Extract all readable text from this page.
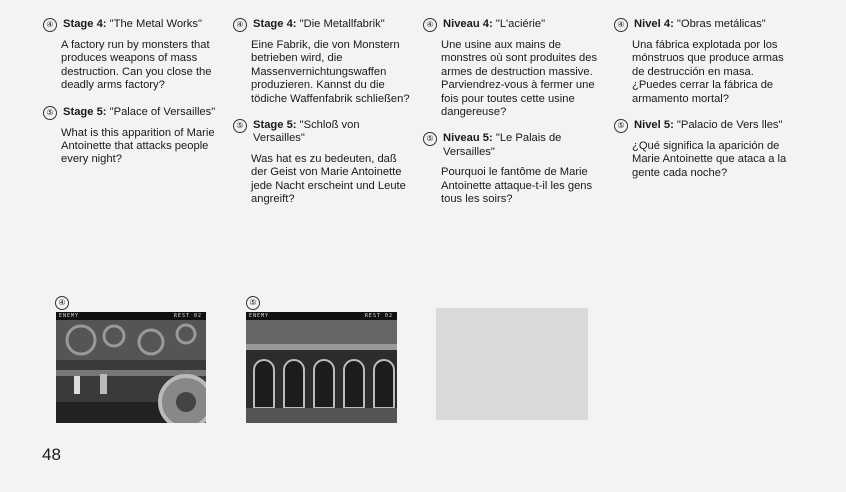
④ Stage 4: "The Metal Works"

A factory run by monsters that produces weapons of mass destruction. Can you close the deadly arms factory?

⑤ Stage 5: "Palace of Versailles"

What is this apparition of Marie Antoinette that attacks people every night?

④ Stage 4: "Die Metallfabrik"

Eine Fabrik, die von Monstern betrieben wird, die Massenvernichtungswaffen produzieren. Kannst du die tödiche Waffenfabrik schließen?

⑤ Stage 5: "Schloß von Versailles"

Was hat es zu bedeuten, daß der Geist von Marie Antoinette jede Nacht erscheint und Leute angreift?

④ Niveau 4: "L'aciérie"

Une usine aux mains de monstres où sont produites des armes de destruction massive. Parviendrez-vous à fermer une fois pour toutes cette usine dangereuse?

⑤ Niveau 5: "Le Palais de Versailles"

Pourquoi le fantôme de Marie Antoinette attaque-t-il les gens tous les soirs?

④ Nivel 4: "Obras metálicas"

Una fábrica explotada por los mónstruos que produce armas de destrucción en masa. ¿Puedes cerrar la fábrica de armamento mortal?

⑤ Nivel 5: "Palacio de Vers lles"

¿Qué significa la aparición de Marie Antoinette que ataca a la gente cada noche?

④
ENEMY	REST 02
⑤
ENEMY	REST 02
48
